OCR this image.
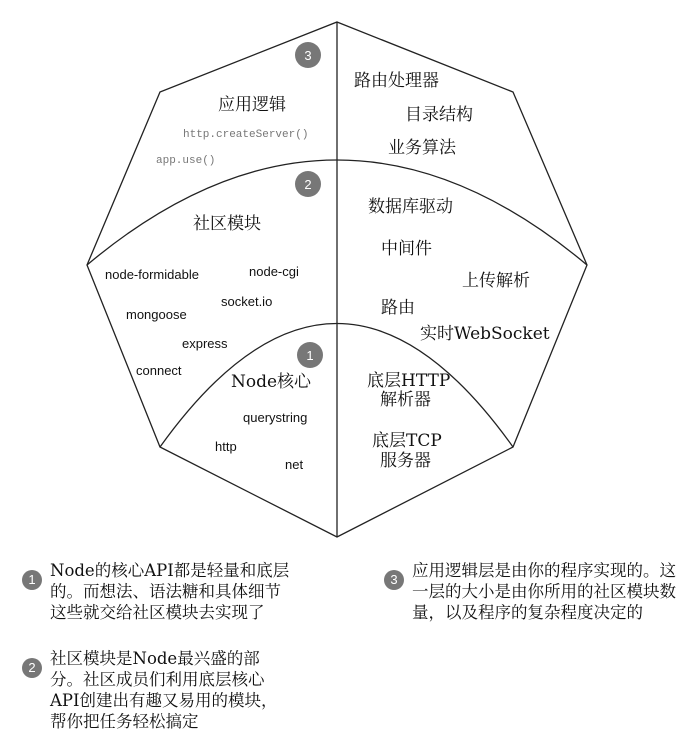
3
2
1
应用逻辑
http.createServer()
app.use()
路由处理器
目录结构
业务算法
社区模块
node-formidable	node-cgi
socket.io
mongoose
express
connect
数据库驱动
中间件
上传解析
路由
实时WebSocket
Node核心
querystring
http
net
底层HTTP
解析器
底层TCP
服务器
1 Node的核心API都是轻量和底层的。而想法、语法糖和具体细节这些就交给社区模块去实现了
2 社区模块是Node最兴盛的部分。社区成员们利用底层核心API创建出有趣又易用的模块，帮你把任务轻松搞定
3 应用逻辑层是由你的程序实现的。这一层的大小是由你所用的社区模块数量，以及程序的复杂程度决定的
